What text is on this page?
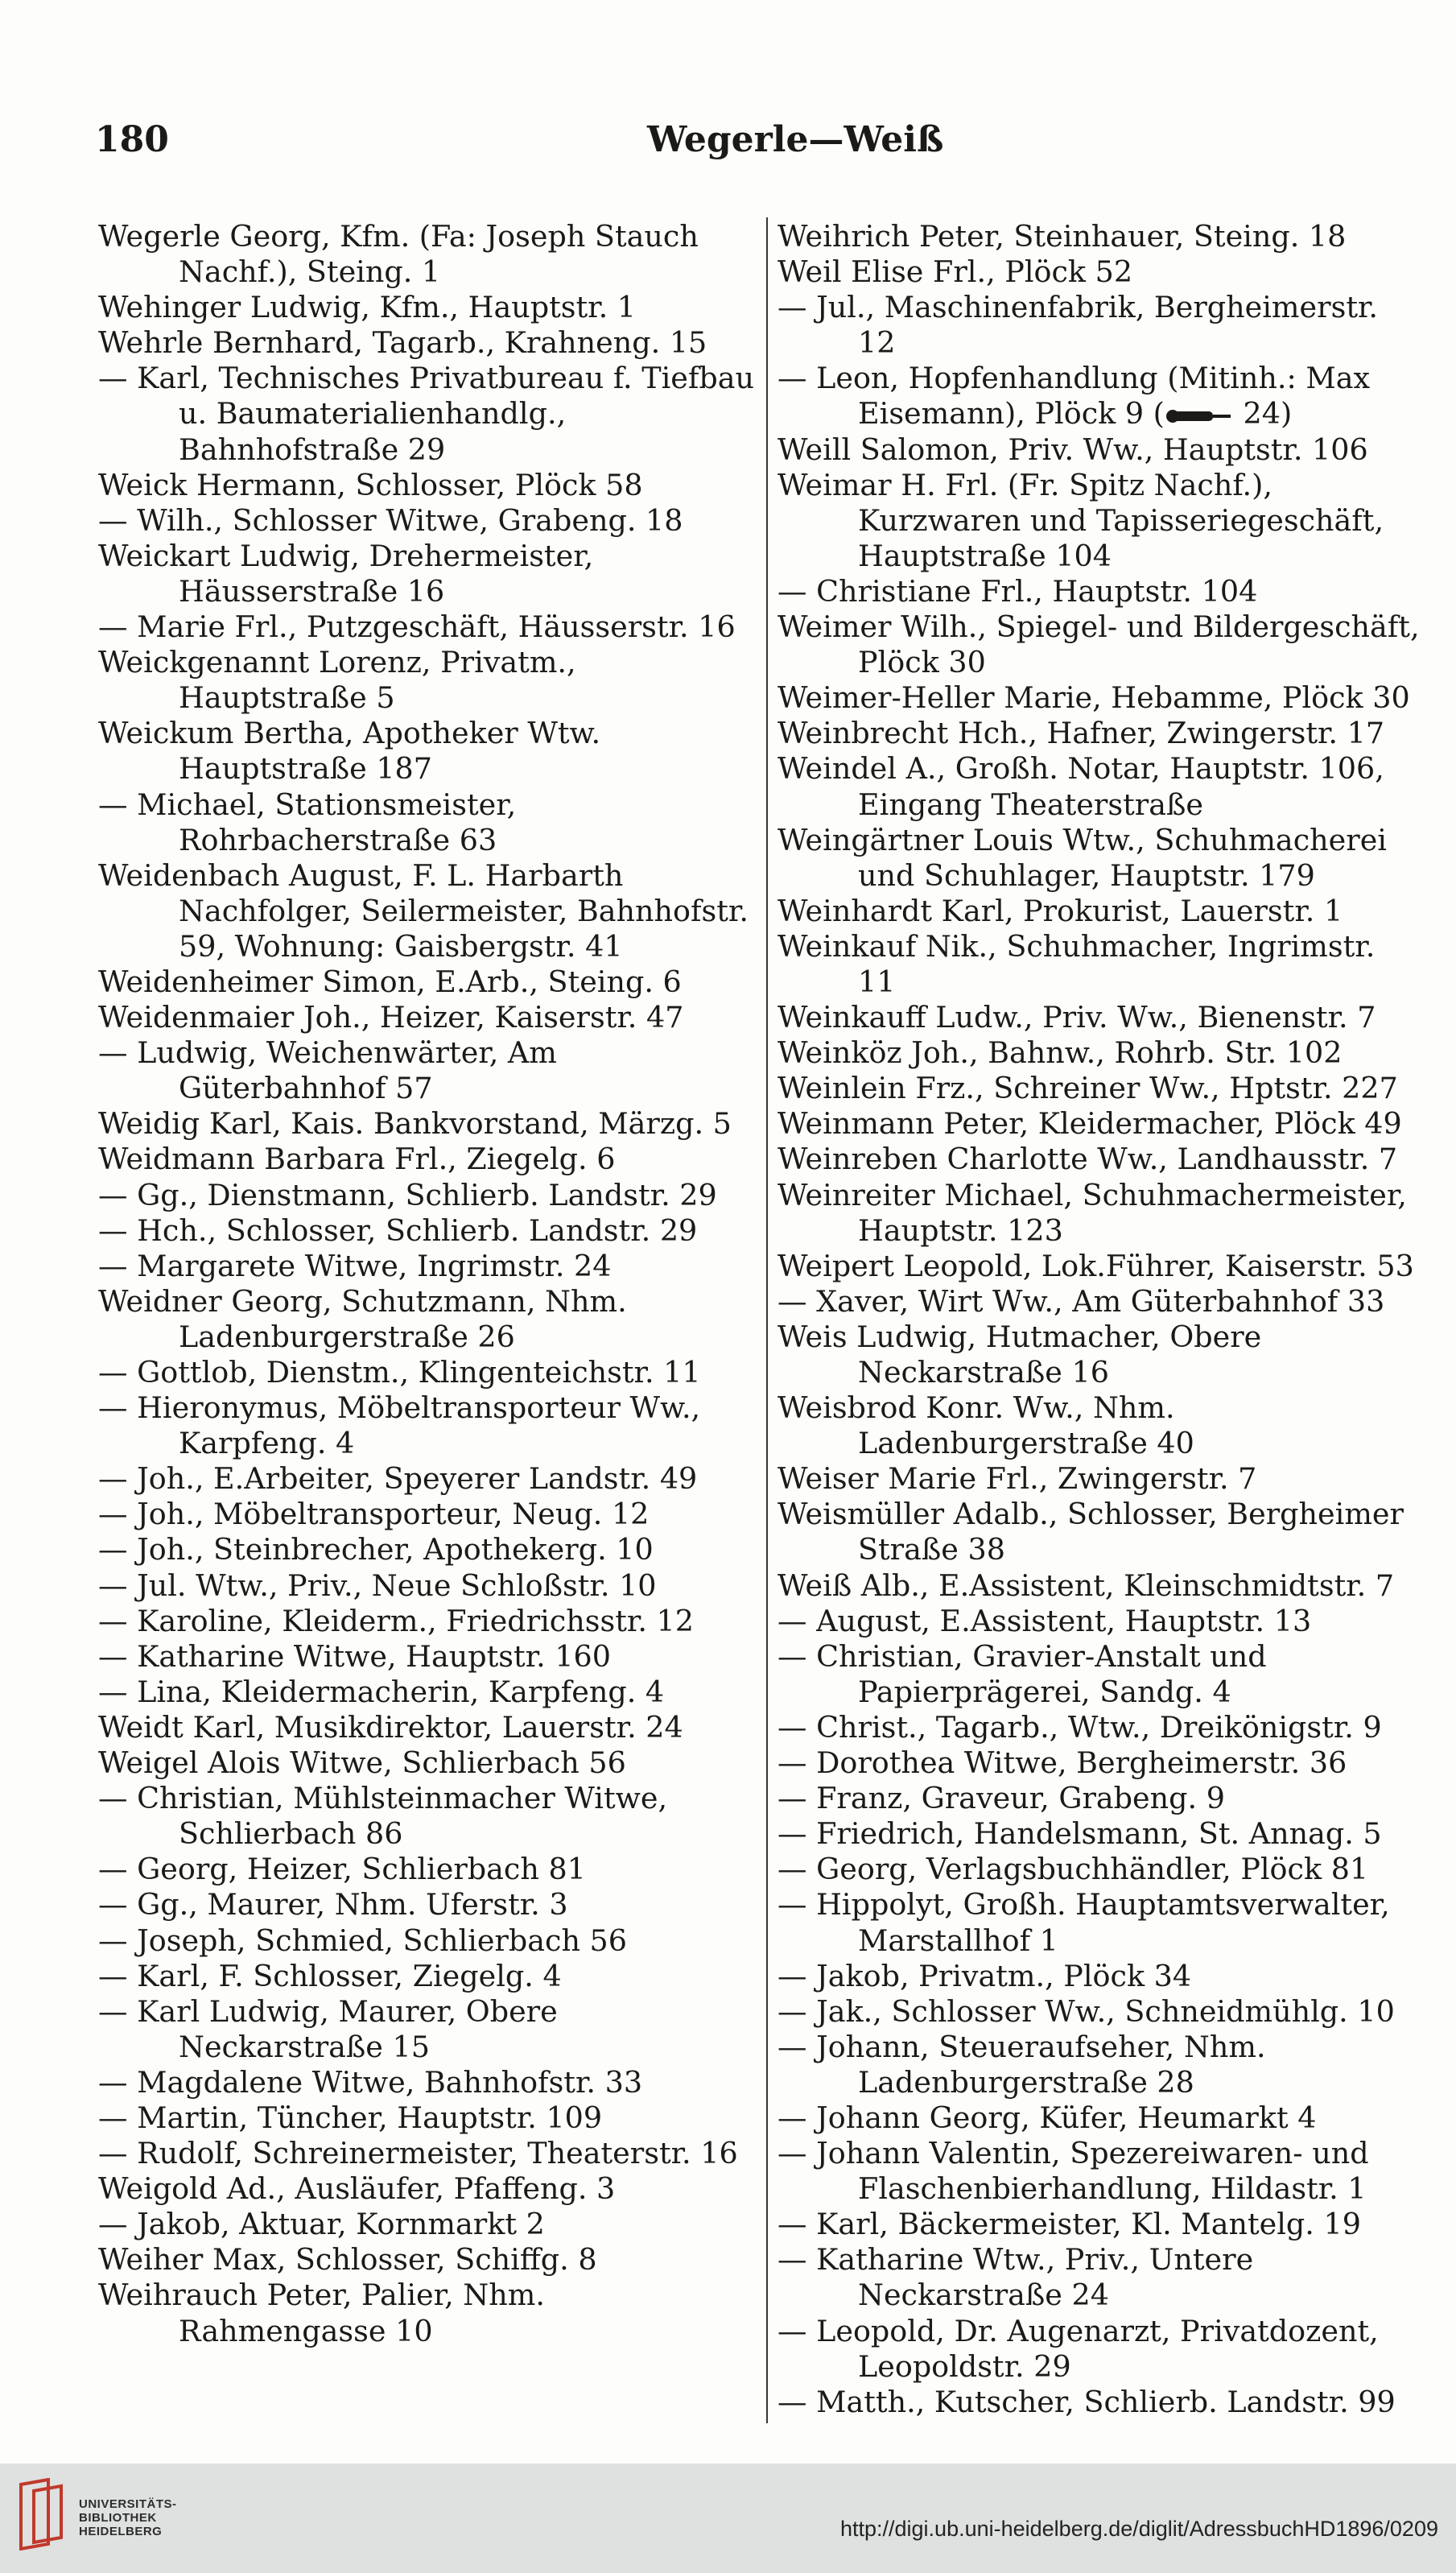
180	Wegerle—Weiß

Wegerle Georg, Kfm. (Fa: Joseph Stauch Nachf.), Steing. 1

Wehinger Ludwig, Kfm., Hauptstr. 1

Wehrle Bernhard, Tagarb., Krahneng. 15

— Karl, Technisches Privatbureau f. Tiefbau u. Baumaterialienhandlg., Bahnhofstraße 29

Weick Hermann, Schlosser, Plöck 58

— Wilh., Schlosser Witwe, Grabeng. 18

Weickart Ludwig, Drehermeister, Häusserstraße 16

— Marie Frl., Putzgeschäft, Häusserstr. 16

Weickgenannt Lorenz, Privatm., Hauptstraße 5

Weickum Bertha, Apotheker Wtw. Hauptstraße 187

— Michael, Stationsmeister, Rohrbacherstraße 63

Weidenbach August, F. L. Harbarth Nachfolger, Seilermeister, Bahnhofstr. 59, Wohnung: Gaisbergstr. 41

Weidenheimer Simon, E.Arb., Steing. 6

Weidenmaier Joh., Heizer, Kaiserstr. 47

— Ludwig, Weichenwärter, Am Güterbahnhof 57

Weidig Karl, Kais. Bankvorstand, Märzg. 5

Weidmann Barbara Frl., Ziegelg. 6

— Gg., Dienstmann, Schlierb. Landstr. 29

— Hch., Schlosser, Schlierb. Landstr. 29

— Margarete Witwe, Ingrimstr. 24

Weidner Georg, Schutzmann, Nhm. Ladenburgerstraße 26

— Gottlob, Dienstm., Klingenteichstr. 11

— Hieronymus, Möbeltransporteur Ww., Karpfeng. 4

— Joh., E.Arbeiter, Speyerer Landstr. 49

— Joh., Möbeltransporteur, Neug. 12

— Joh., Steinbrecher, Apothekerg. 10

— Jul. Wtw., Priv., Neue Schloßstr. 10

— Karoline, Kleiderm., Friedrichsstr. 12

— Katharine Witwe, Hauptstr. 160

— Lina, Kleidermacherin, Karpfeng. 4

Weidt Karl, Musikdirektor, Lauerstr. 24

Weigel Alois Witwe, Schlierbach 56

— Christian, Mühlsteinmacher Witwe, Schlierbach 86

— Georg, Heizer, Schlierbach 81

— Gg., Maurer, Nhm. Uferstr. 3

— Joseph, Schmied, Schlierbach 56

— Karl, F. Schlosser, Ziegelg. 4

— Karl Ludwig, Maurer, Obere Neckarstraße 15

— Magdalene Witwe, Bahnhofstr. 33

— Martin, Tüncher, Hauptstr. 109

— Rudolf, Schreinermeister, Theaterstr. 16

Weigold Ad., Ausläufer, Pfaffeng. 3

— Jakob, Aktuar, Kornmarkt 2

Weiher Max, Schlosser, Schiffg. 8

Weihrauch Peter, Palier, Nhm. Rahmengasse 10

Weihrich Peter, Steinhauer, Steing. 18

Weil Elise Frl., Plöck 52

— Jul., Maschinenfabrik, Bergheimerstr. 12

— Leon, Hopfenhandlung (Mitinh.: Max Eisemann), Plöck 9 ( 24)

Weill Salomon, Priv. Ww., Hauptstr. 106

Weimar H. Frl. (Fr. Spitz Nachf.), Kurzwaren und Tapisseriegeschäft, Hauptstraße 104

— Christiane Frl., Hauptstr. 104

Weimer Wilh., Spiegel- und Bildergeschäft, Plöck 30

Weimer-Heller Marie, Hebamme, Plöck 30

Weinbrecht Hch., Hafner, Zwingerstr. 17

Weindel A., Großh. Notar, Hauptstr. 106, Eingang Theaterstraße

Weingärtner Louis Wtw., Schuhmacherei und Schuhlager, Hauptstr. 179

Weinhardt Karl, Prokurist, Lauerstr. 1

Weinkauf Nik., Schuhmacher, Ingrimstr. 11

Weinkauff Ludw., Priv. Ww., Bienenstr. 7

Weinköz Joh., Bahnw., Rohrb. Str. 102

Weinlein Frz., Schreiner Ww., Hptstr. 227

Weinmann Peter, Kleidermacher, Plöck 49

Weinreben Charlotte Ww., Landhausstr. 7

Weinreiter Michael, Schuhmachermeister, Hauptstr. 123

Weipert Leopold, Lok.Führer, Kaiserstr. 53

— Xaver, Wirt Ww., Am Güterbahnhof 33

Weis Ludwig, Hutmacher, Obere Neckarstraße 16

Weisbrod Konr. Ww., Nhm. Ladenburgerstraße 40

Weiser Marie Frl., Zwingerstr. 7

Weismüller Adalb., Schlosser, Bergheimer Straße 38

Weiß Alb., E.Assistent, Kleinschmidtstr. 7

— August, E.Assistent, Hauptstr. 13

— Christian, Gravier-Anstalt und Papierprägerei, Sandg. 4

— Christ., Tagarb., Wtw., Dreikönigstr. 9

— Dorothea Witwe, Bergheimerstr. 36

— Franz, Graveur, Grabeng. 9

— Friedrich, Handelsmann, St. Annag. 5

— Georg, Verlagsbuchhändler, Plöck 81

— Hippolyt, Großh. Hauptamtsverwalter, Marstallhof 1

— Jakob, Privatm., Plöck 34

— Jak., Schlosser Ww., Schneidmühlg. 10

— Johann, Steueraufseher, Nhm. Ladenburgerstraße 28

— Johann Georg, Küfer, Heumarkt 4

— Johann Valentin, Spezereiwaren- und Flaschenbierhandlung, Hildastr. 1

— Karl, Bäckermeister, Kl. Mantelg. 19

— Katharine Wtw., Priv., Untere Neckarstraße 24

— Leopold, Dr. Augenarzt, Privatdozent, Leopoldstr. 29

— Matth., Kutscher, Schlierb. Landstr. 99

UNIVERSITÄTS-
BIBLIOTHEK
HEIDELBERG	http://digi.ub.uni-heidelberg.de/diglit/AdressbuchHD1896/0209
